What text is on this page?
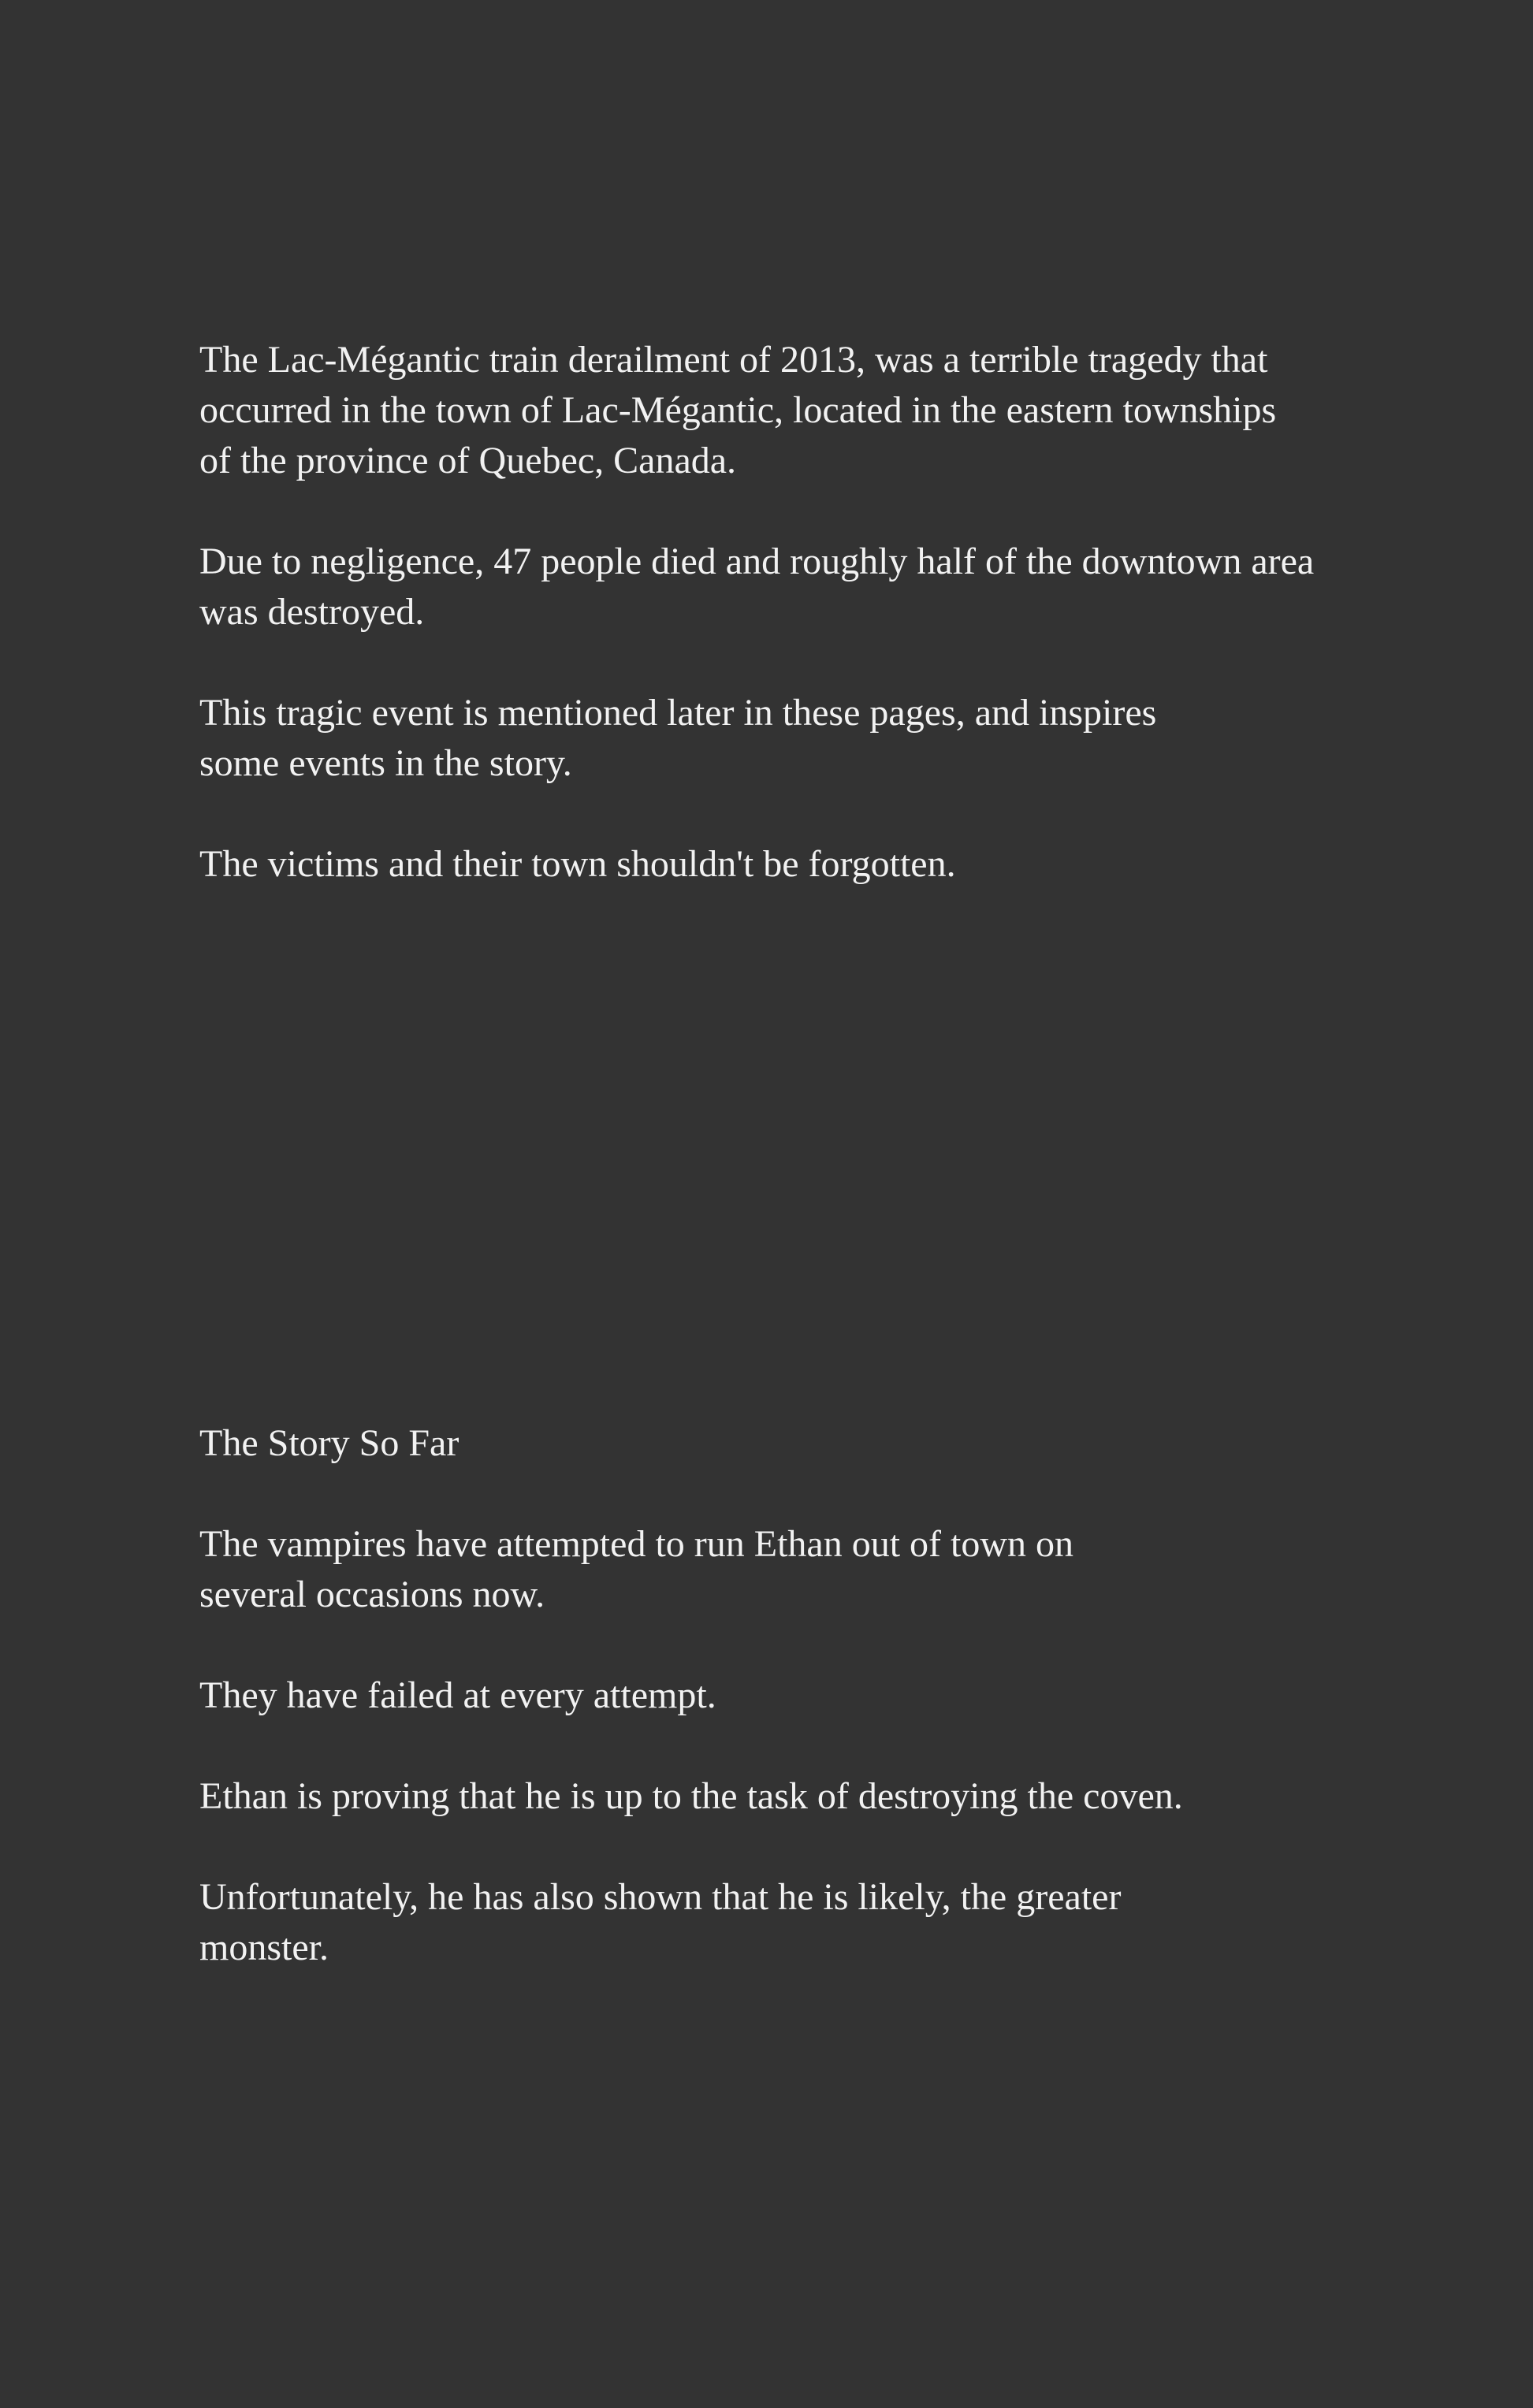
The Lac-Mégantic train derailment of 2013, was a terrible tragedy that occurred in the town of Lac-Mégantic, located in the eastern townships of the province of Quebec, Canada.

Due to negligence, 47 people died and roughly half of the downtown area was destroyed.

This tragic event is mentioned later in these pages, and inspires some events in the story.

The victims and their town shouldn't be forgotten.

The Story So Far

The vampires have attempted to run Ethan out of town on several occasions now.

They have failed at every attempt.

Ethan is proving that he is up to the task of destroying the coven.

Unfortunately, he has also shown that he is likely, the greater monster.
